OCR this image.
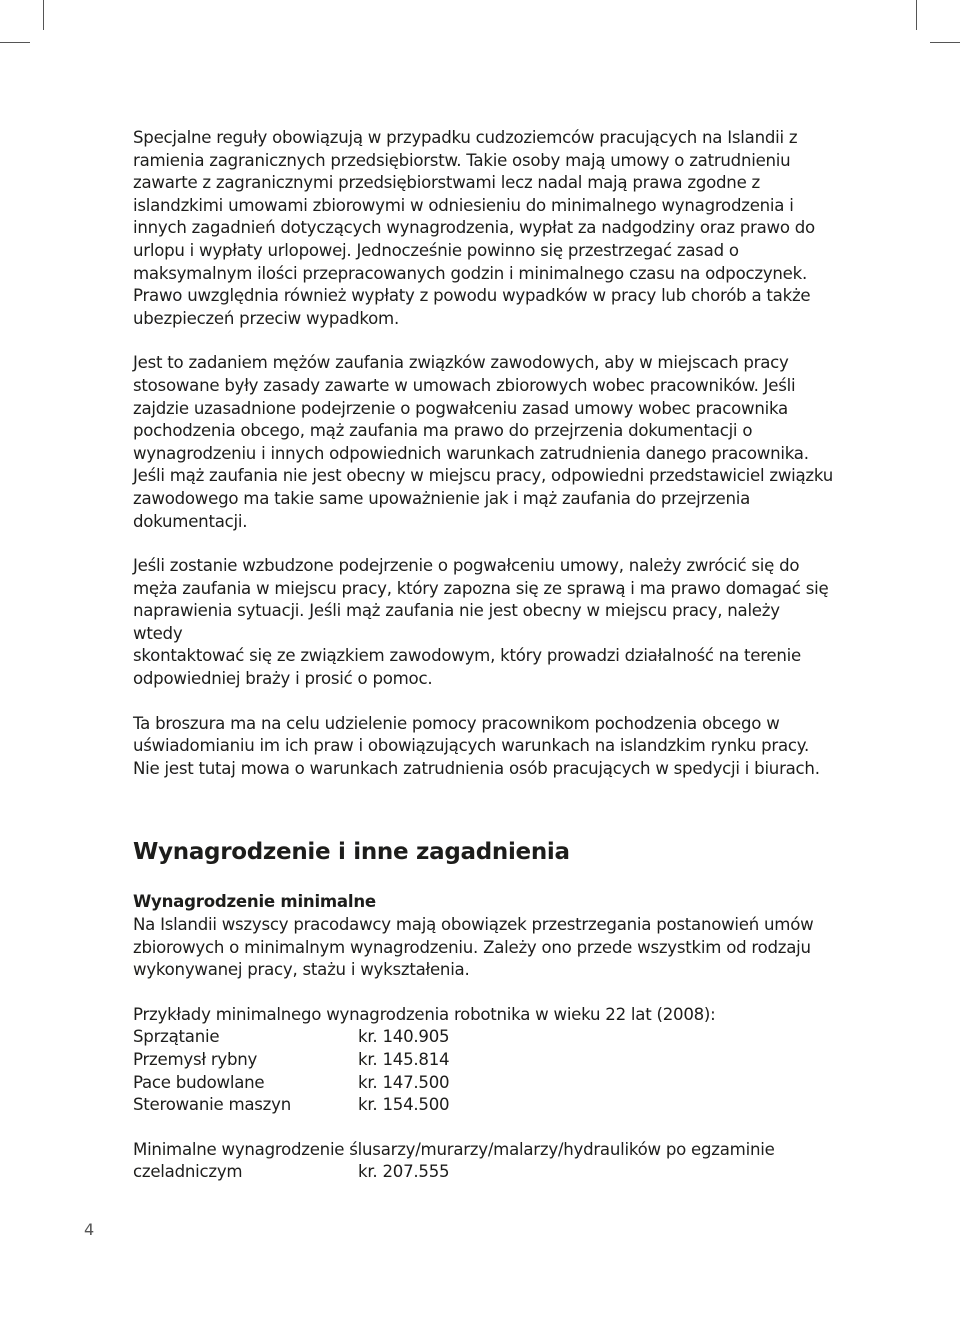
Specjalne reguły obowiązują w przypadku cudzoziemców pracujących na Islandii z
ramienia zagranicznych przedsiębiorstw. Takie osoby mają umowy o zatrudnieniu
zawarte z zagranicznymi przedsiębiorstwami lecz nadal mają prawa zgodne z
islandzkimi umowami zbiorowymi w odniesieniu do minimalnego wynagrodzenia i
innych zagadnień dotyczących wynagrodzenia, wypłat za nadgodziny oraz prawo do
urlopu i wypłaty urlopowej. Jednocześnie powinno się przestrzegać zasad o
maksymalnym ilości przepracowanych godzin i minimalnego czasu na odpoczynek.
Prawo uwzględnia również wypłaty z powodu wypadków w pracy lub chorób a także
ubezpieczeń przeciw wypadkom.

Jest to zadaniem mężów zaufania związków zawodowych, aby w miejscach pracy
stosowane były zasady zawarte w umowach zbiorowych wobec pracowników. Jeśli
zajdzie uzasadnione podejrzenie o pogwałceniu zasad umowy wobec pracownika
pochodzenia obcego, mąż zaufania ma prawo do przejrzenia dokumentacji o
wynagrodzeniu i innych odpowiednich warunkach zatrudnienia danego pracownika.
Jeśli mąż zaufania nie jest obecny w miejscu pracy, odpowiedni przedstawiciel związku
zawodowego ma takie same upoważnienie jak i mąż zaufania do przejrzenia
dokumentacji.

Jeśli zostanie wzbudzone podejrzenie o pogwałceniu umowy, należy zwrócić się do
męża zaufania w miejscu pracy, który zapozna się ze sprawą i ma prawo domagać się
naprawienia sytuacji. Jeśli mąż zaufania nie jest obecny w miejscu pracy, należy wtedy
skontaktować się ze związkiem zawodowym, który prowadzi działalność na terenie
odpowiedniej braży i prosić o pomoc.

Ta broszura ma na celu udzielenie pomocy pracownikom pochodzenia obcego w
uświadomianiu im ich praw i obowiązujących warunkach na islandzkim rynku pracy.
Nie jest tutaj mowa o warunkach zatrudnienia osób pracujących w spedycji i biurach.

Wynagrodzenie i inne zagadnienia
Wynagrodzenie minimalne

Na Islandii wszyscy pracodawcy mają obowiązek przestrzegania postanowień umów
zbiorowych o minimalnym wynagrodzeniu. Zależy ono przede wszystkim od rodzaju
wykonywanej pracy, stażu i wykształenia.

Przykłady minimalnego wynagrodzenia robotnika w wieku 22 lat (2008):

Sprzątanie	kr. 140.905
Przemysł rybny	kr. 145.814
Pace budowlane	kr. 147.500
Sterowanie maszyn	kr. 154.500

Minimalne wynagrodzenie ślusarzy/murarzy/malarzy/hydraulików po egzaminie

czeladniczym	kr. 207.555
4
